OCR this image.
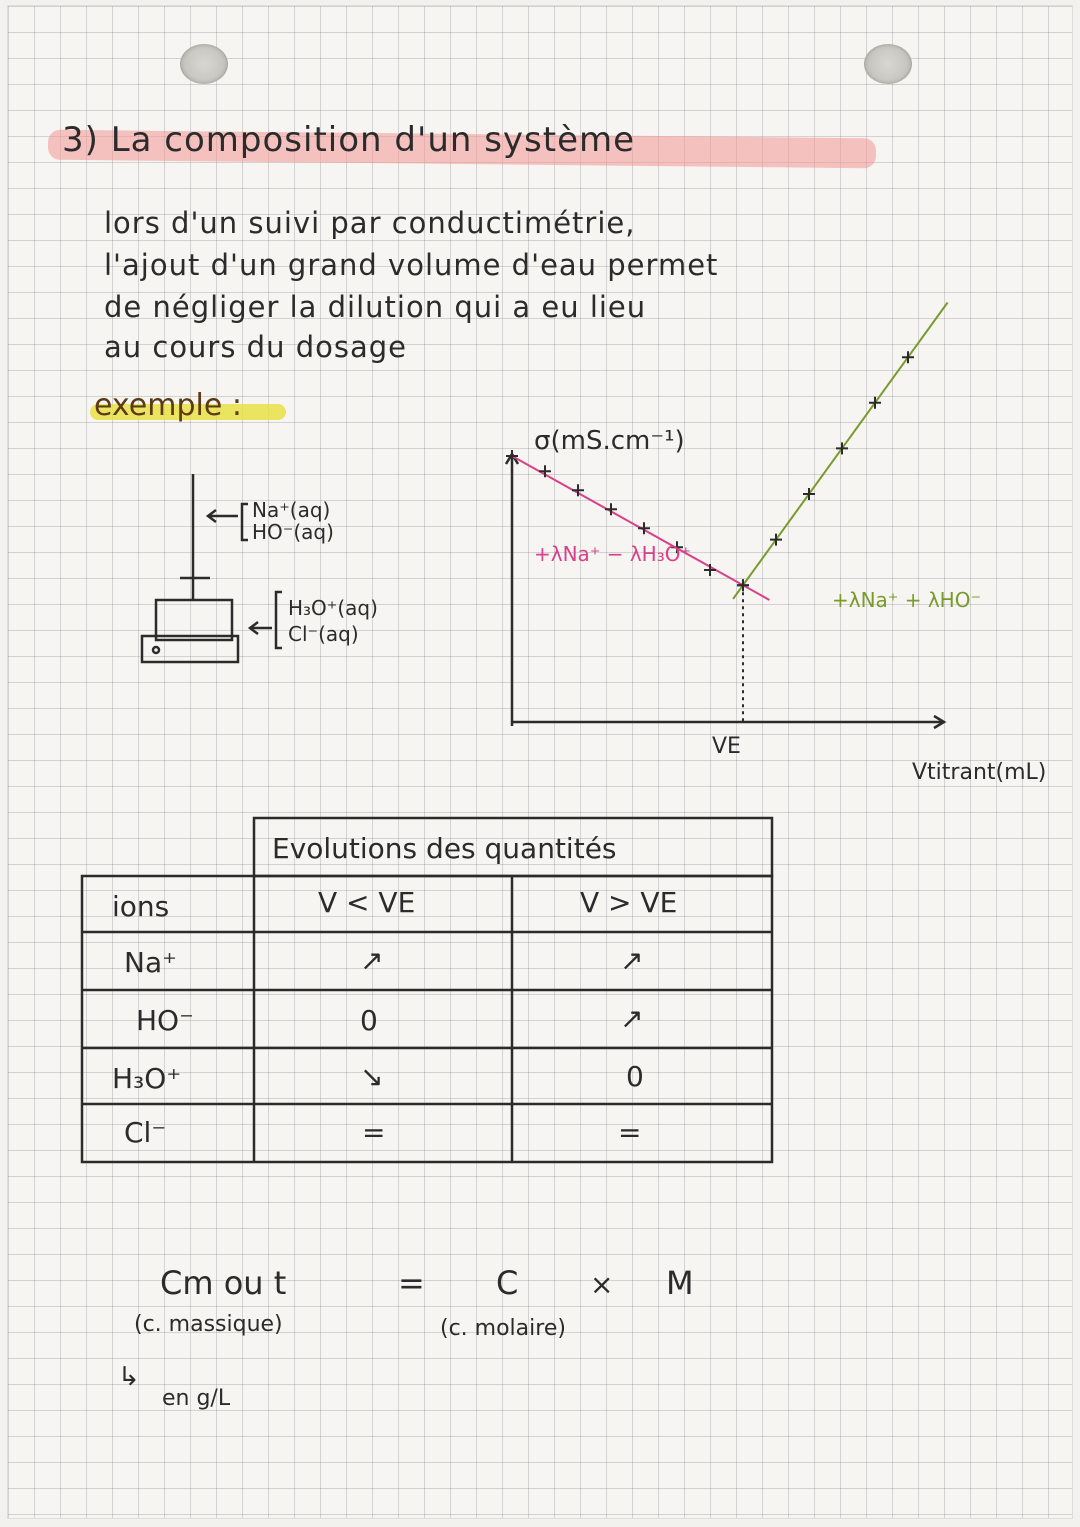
3) La composition d'un système
lors d'un suivi par conductimétrie,
l'ajout d'un grand volume d'eau permet
de négliger la dilution qui a eu lieu
au cours du dosage
exemple :
Na⁺(aq)
HO⁻(aq)
H₃O⁺(aq)
Cl⁻(aq)
σ(mS.cm⁻¹)
Vtitrant(mL)
VE
+λNa⁺ − λH₃O⁺
+λNa⁺ + λHO⁻
Evolutions des quantités
ions	V < VE	V > VE
Na⁺	↗	↗
HO⁻	0	↗
H₃O⁺	↘	0
Cl⁻	=	=
Cm ou t	= C	× M
(c. massique)	(c. molaire)
↳
en g/L
